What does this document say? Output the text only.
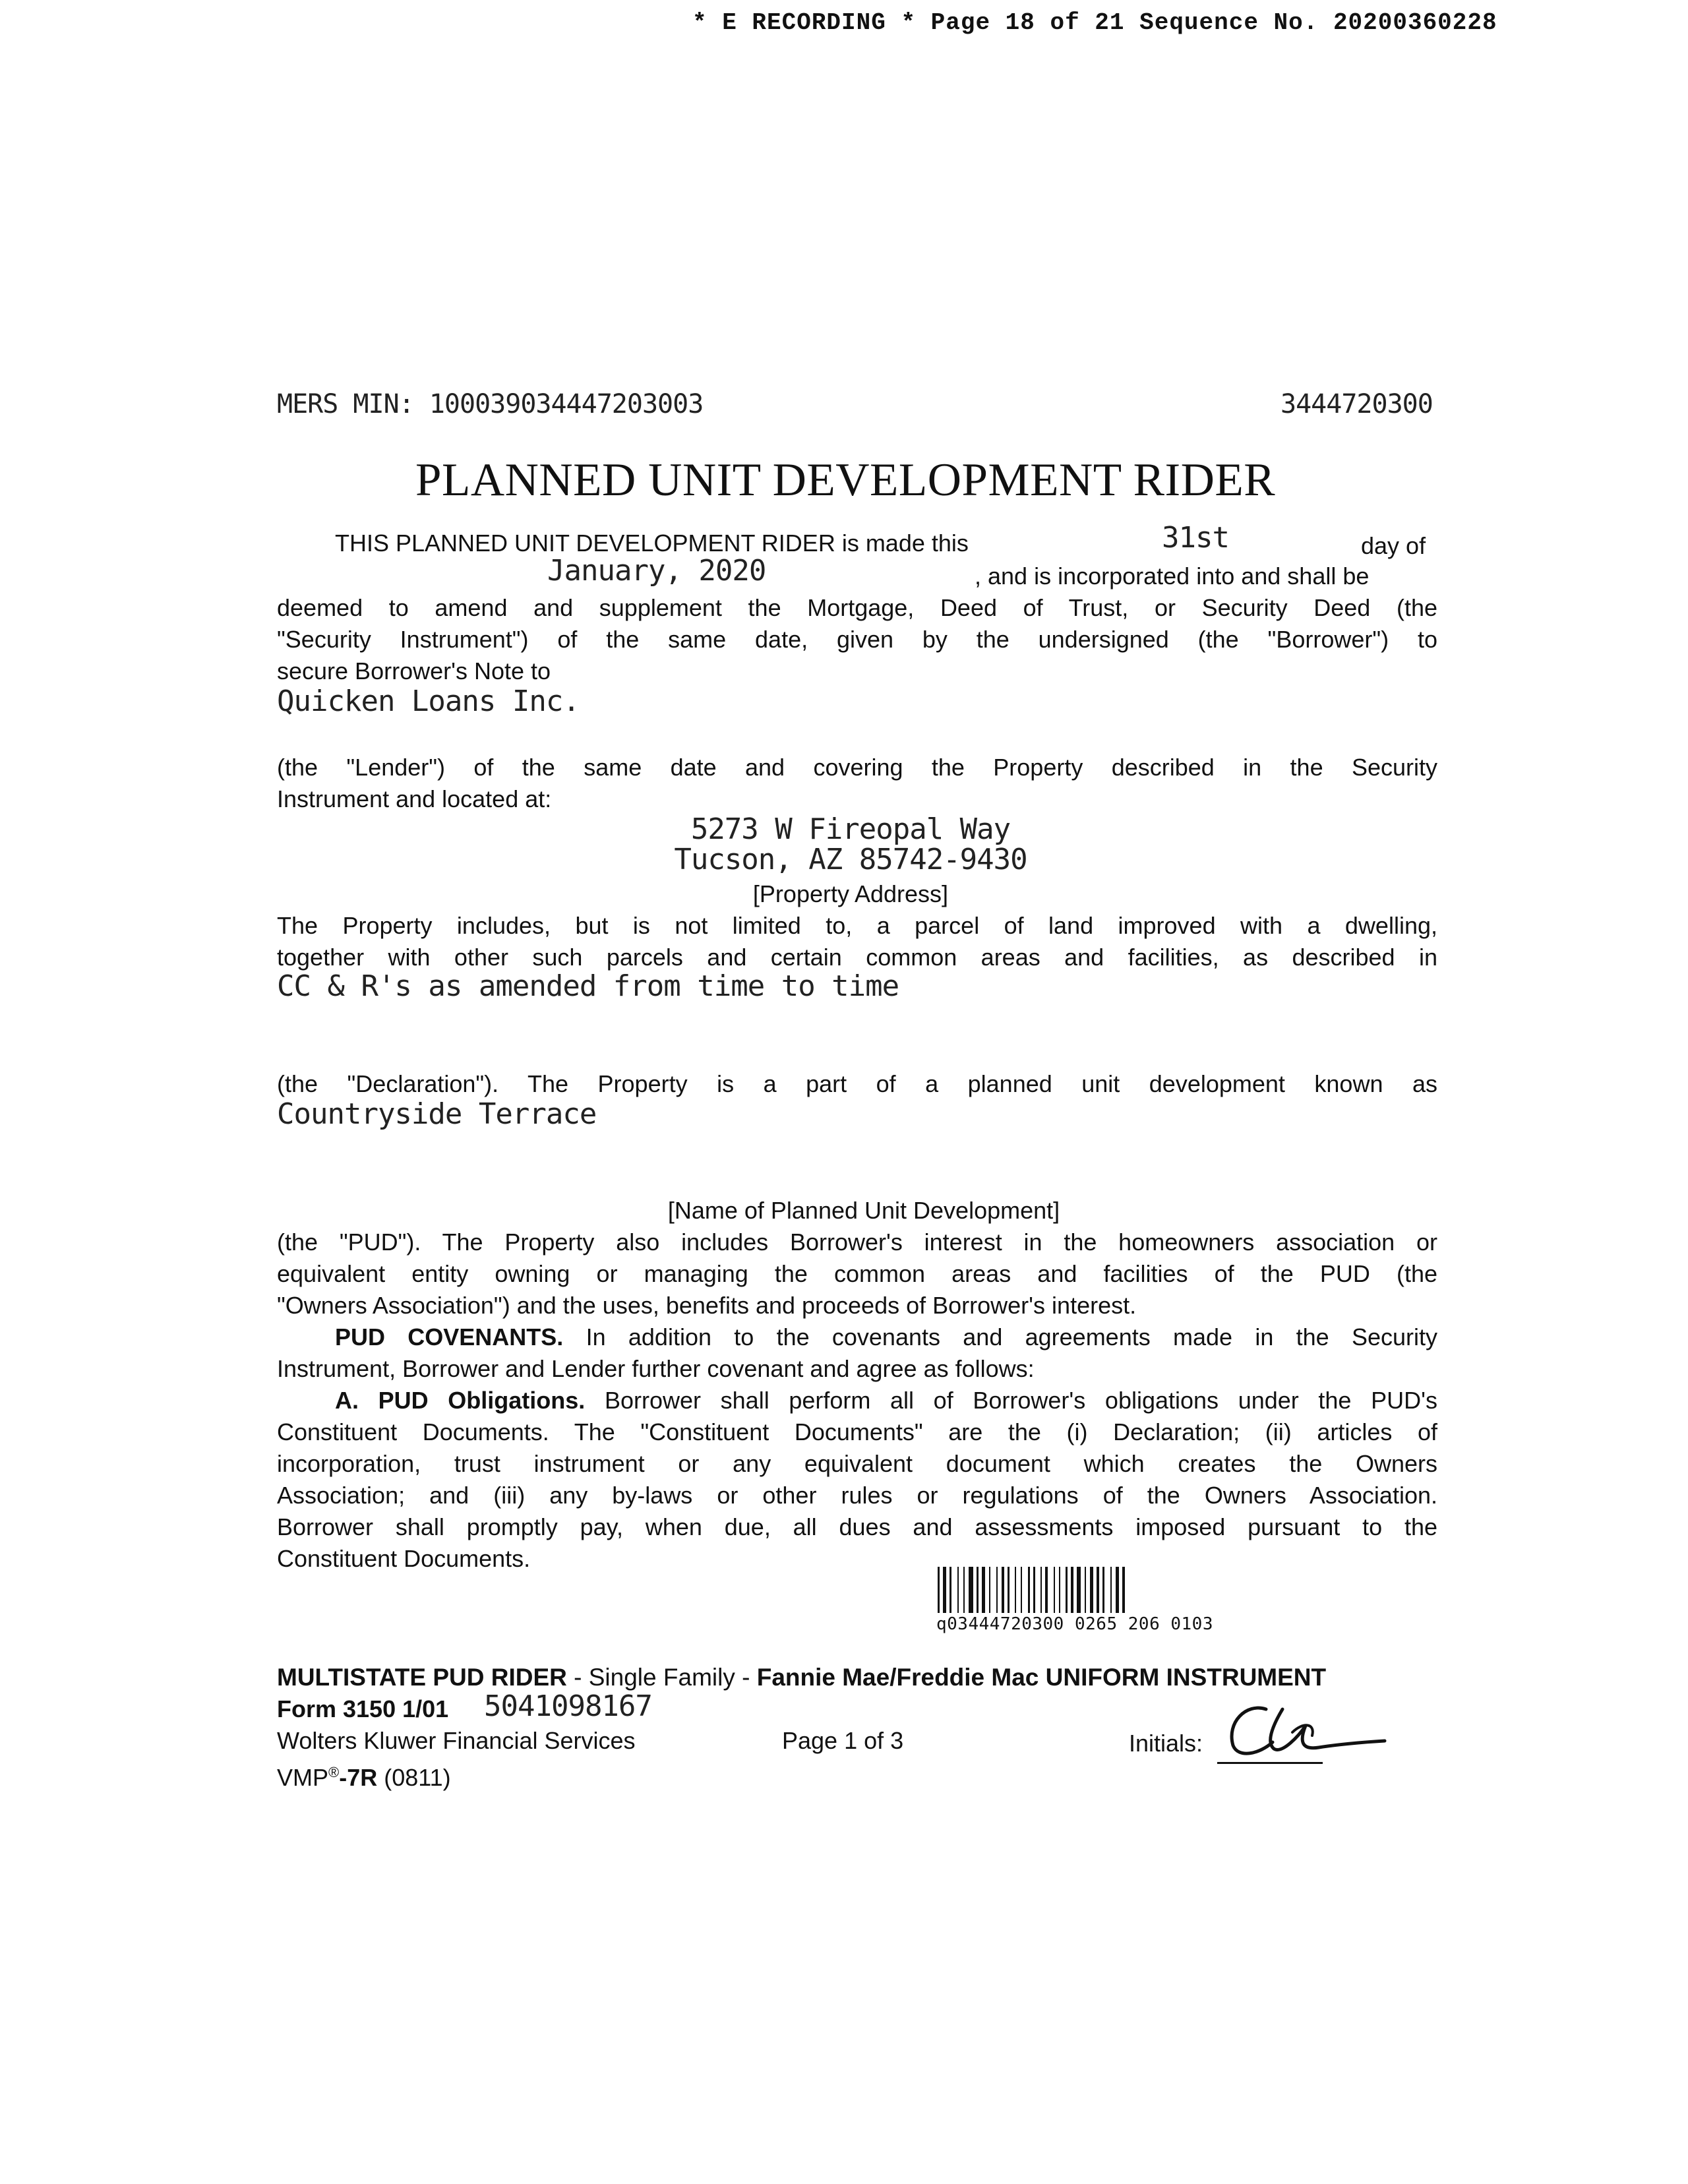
* E RECORDING * Page 18 of 21 Sequence No. 20200360228
MERS MIN: 100039034447203003	3444720300
PLANNED UNIT DEVELOPMENT RIDER
THIS PLANNED UNIT DEVELOPMENT RIDER is made this	31st	day of
January, 2020	, and is incorporated into and shall be
deemed to amend and supplement the Mortgage, Deed of Trust, or Security Deed (the
"Security Instrument") of the same date, given by the undersigned (the "Borrower") to
secure Borrower's Note to
Quicken Loans Inc.
(the "Lender") of the same date and covering the Property described in the Security
Instrument and located at:
5273 W Fireopal Way
Tucson, AZ 85742-9430
[Property Address]
The Property includes, but is not limited to, a parcel of land improved with a dwelling,
together with other such parcels and certain common areas and facilities, as described in
CC & R's as amended from time to time
(the "Declaration"). The Property is a part of a planned unit development known as
Countryside Terrace
[Name of Planned Unit Development]
(the "PUD"). The Property also includes Borrower's interest in the homeowners association or
equivalent entity owning or managing the common areas and facilities of the PUD (the
"Owners Association") and the uses, benefits and proceeds of Borrower's interest.
PUD COVENANTS. In addition to the covenants and agreements made in the Security
Instrument, Borrower and Lender further covenant and agree as follows:
A. PUD Obligations. Borrower shall perform all of Borrower's obligations under the PUD's
Constituent Documents. The "Constituent Documents" are the (i) Declaration; (ii) articles of
incorporation, trust instrument or any equivalent document which creates the Owners
Association; and (iii) any by-laws or other rules or regulations of the Owners Association.
Borrower shall promptly pay, when due, all dues and assessments imposed pursuant to the
Constituent Documents.
q03444720300 0265 206 0103
MULTISTATE PUD RIDER - Single Family - Fannie Mae/Freddie Mac UNIFORM INSTRUMENT
Form 3150 1/01 5041098167
Wolters Kluwer Financial Services	Page 1 of 3	Initials:
VMP®-7R (0811)
